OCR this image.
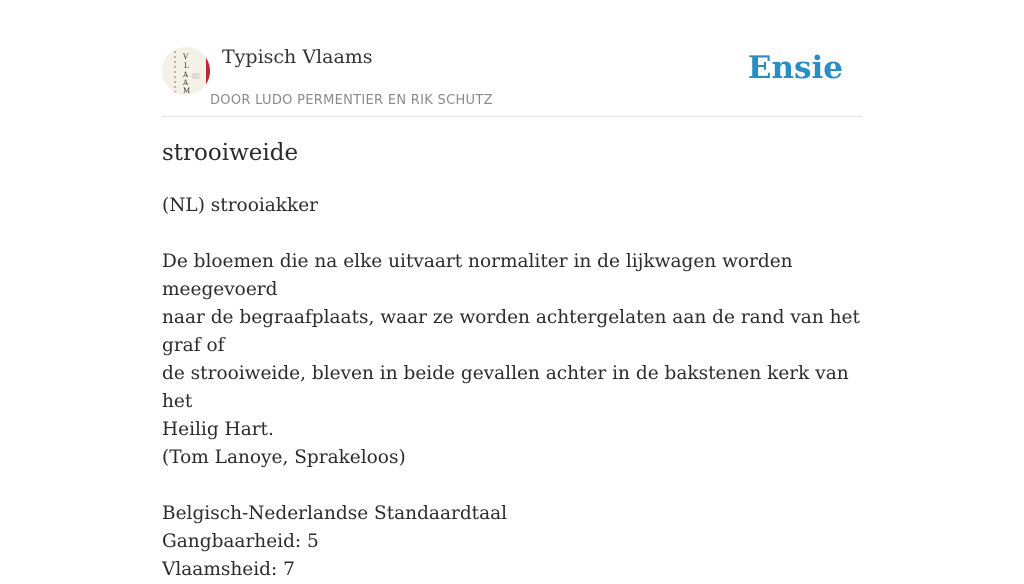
V
L
A
A
M
Typisch Vlaams
DOOR LUDO PERMENTIER EN RIK SCHUTZ
Ensie
strooiweide

(NL) strooiakker

De bloemen die na elke uitvaart normaliter in de lijkwagen worden meegevoerd

naar de begraafplaats, waar ze worden achtergelaten aan de rand van het graf of

de strooiweide, bleven in beide gevallen achter in de bakstenen kerk van het

Heilig Hart.

(Tom Lanoye, Sprakeloos)

Belgisch-Nederlandse Standaardtaal

Gangbaarheid: 5

Vlaamsheid: 7
